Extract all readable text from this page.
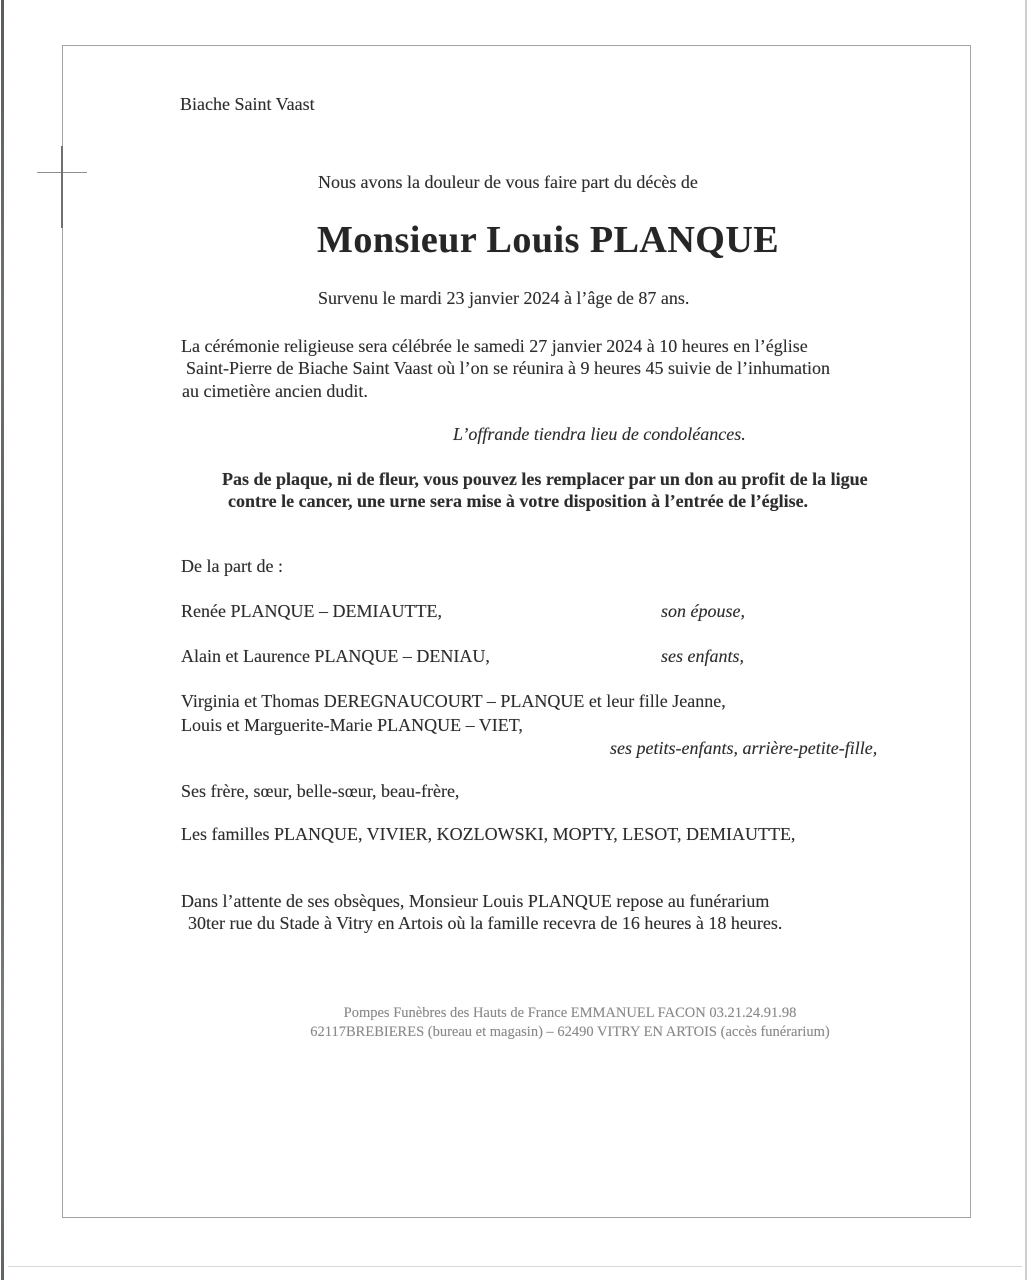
Biache Saint Vaast
Nous avons la douleur de vous faire part du décès de
Monsieur Louis PLANQUE
Survenu le mardi 23 janvier 2024 à l’âge de 87 ans.
La cérémonie religieuse sera célébrée le samedi 27 janvier 2024 à 10 heures en l’église
Saint-Pierre de Biache Saint Vaast où l’on se réunira à 9 heures 45 suivie de l’inhumation
au cimetière ancien dudit.
L’offrande tiendra lieu de condoléances.
Pas de plaque, ni de fleur, vous pouvez les remplacer par un don au profit de la ligue
contre le cancer, une urne sera mise à votre disposition à l’entrée de l’église.
De la part de :
Renée PLANQUE – DEMIAUTTE,	son épouse,
Alain et Laurence PLANQUE – DENIAU,	ses enfants,
Virginia et Thomas DEREGNAUCOURT – PLANQUE et leur fille Jeanne,
Louis et Marguerite-Marie PLANQUE – VIET,
ses petits-enfants, arrière-petite-fille,
Ses frère, sœur, belle-sœur, beau-frère,
Les familles PLANQUE, VIVIER, KOZLOWSKI, MOPTY, LESOT, DEMIAUTTE,
Dans l’attente de ses obsèques, Monsieur Louis PLANQUE repose au funérarium
30ter rue du Stade à Vitry en Artois où la famille recevra de 16 heures à 18 heures.
Pompes Funèbres des Hauts de France EMMANUEL FACON 03.21.24.91.98
62117BREBIERES (bureau et magasin) – 62490 VITRY EN ARTOIS (accès funérarium)
